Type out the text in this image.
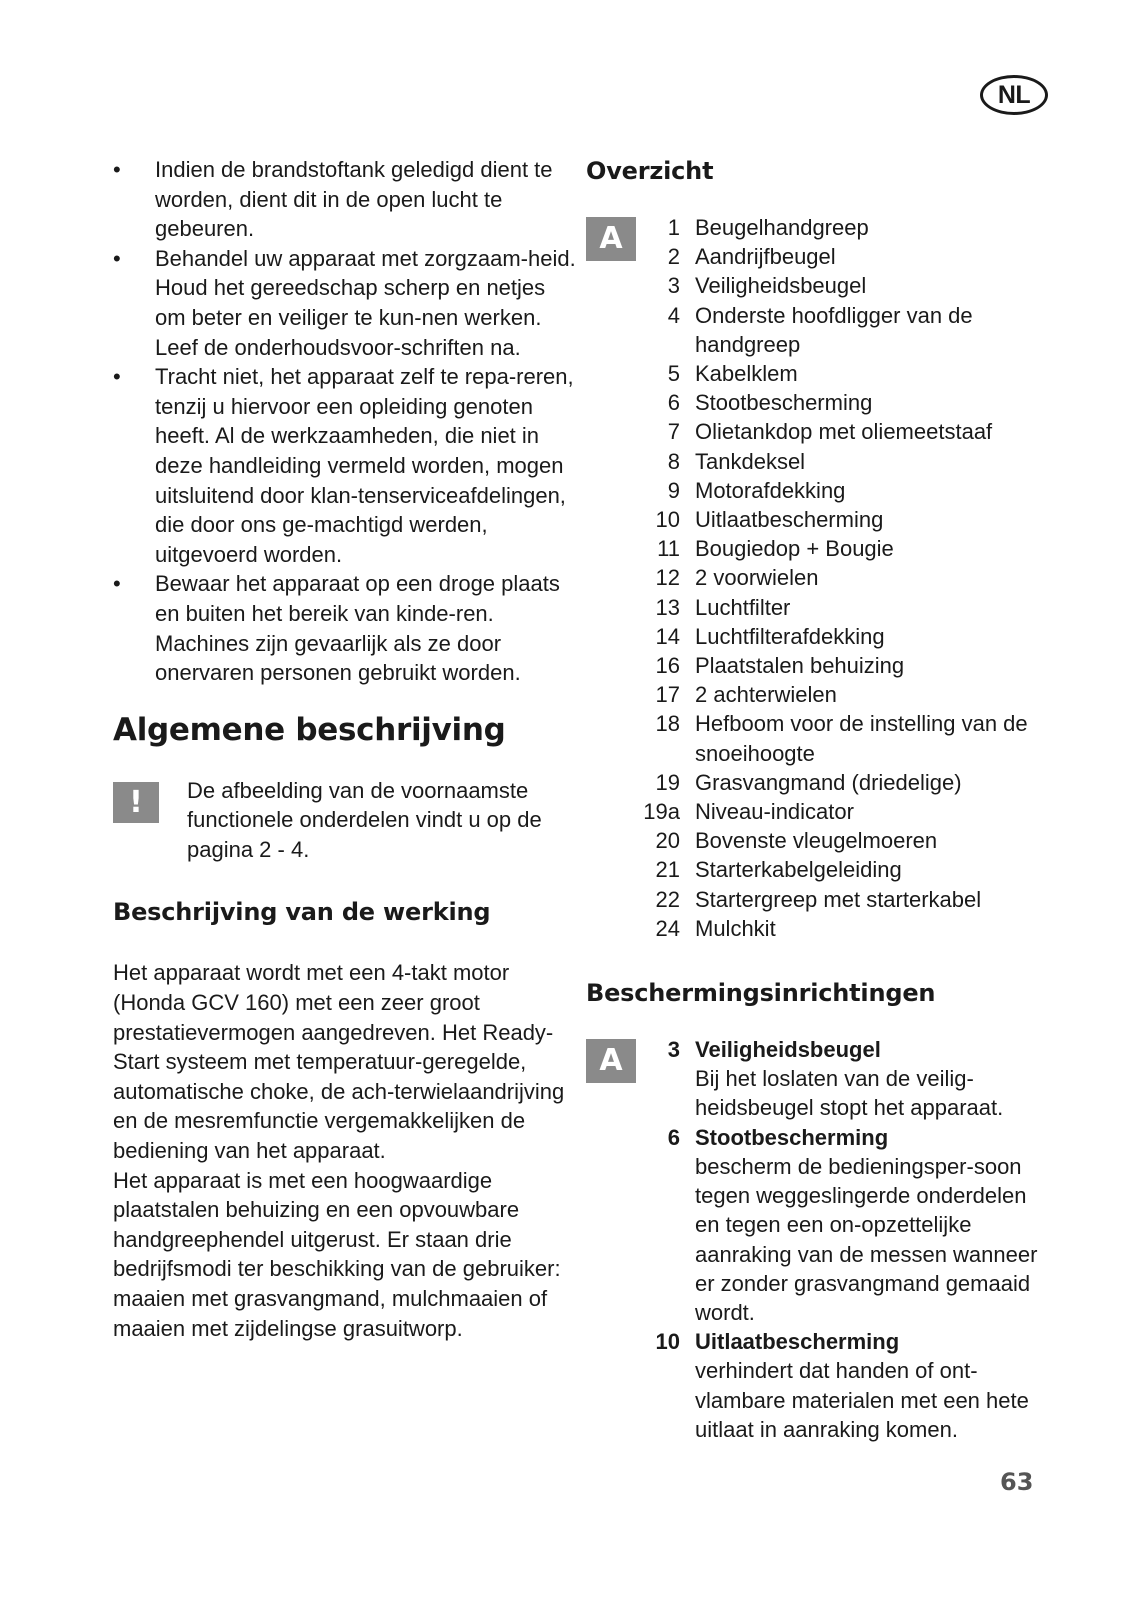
NL
•	Indien de brandstoftank geledigd dient te worden, dient dit in de open lucht te gebeuren.
•	Behandel uw apparaat met zorgzaam-heid. Houd het gereedschap scherp en netjes om beter en veiliger te kun-nen werken. Leef de onderhoudsvoor-schriften na.
•	Tracht niet, het apparaat zelf te repa-reren, tenzij u hiervoor een opleiding genoten heeft. Al de werkzaamheden, die niet in deze handleiding vermeld worden, mogen uitsluitend door klan-tenserviceafdelingen, die door ons ge-machtigd werden, uitgevoerd worden.
•	Bewaar het apparaat op een droge plaats en buiten het bereik van kinde-ren. Machines zijn gevaarlijk als ze door onervaren personen gebruikt worden.
Algemene beschrijving
!	De afbeelding van de voornaamste functionele onderdelen vindt u op de pagina 2 - 4.
Beschrijving van de werking
Het apparaat wordt met een 4-takt motor (Honda GCV 160) met een zeer groot prestatievermogen aangedreven. Het Ready-Start systeem met temperatuur-geregelde, automatische choke, de ach-terwielaandrijving en de mesremfunctie vergemakkelijken de bediening van het apparaat.
Het apparaat is met een hoogwaardige plaatstalen behuizing en een opvouwbare handgreephendel uitgerust. Er staan drie bedrijfsmodi ter beschikking van de gebruiker: maaien met grasvangmand, mulchmaaien of maaien met zijdelingse grasuitworp.
Overzicht
A	1 Beugelhandgreep
2 Aandrijfbeugel
3 Veiligheidsbeugel
4 Onderste hoofdligger van de handgreep
5 Kabelklem
6 Stootbescherming
7 Olietankdop met oliemeetstaaf
8 Tankdeksel
9 Motorafdekking
10 Uitlaatbescherming
11 Bougiedop + Bougie
12 2 voorwielen
13 Luchtfilter
14 Luchtfilterafdekking
16 Plaatstalen behuizing
17 2 achterwielen
18 Hefboom voor de instelling van de snoeihoogte
19 Grasvangmand (driedelige)
19a Niveau-indicator
20 Bovenste vleugelmoeren
21 Starterkabelgeleiding
22 Startergreep met starterkabel
24 Mulchkit
Beschermingsinrichtingen
A	3 Veiligheidsbeugel
Bij het loslaten van de veilig-heidsbeugel stopt het apparaat.
6 Stootbescherming
bescherm de bedieningsper-soon tegen weggeslingerde onderdelen en tegen een on-opzettelijke aanraking van de messen wanneer er zonder grasvangmand gemaaid wordt.
10 Uitlaatbescherming
verhindert dat handen of ont-vlambare materialen met een hete uitlaat in aanraking komen.
63
